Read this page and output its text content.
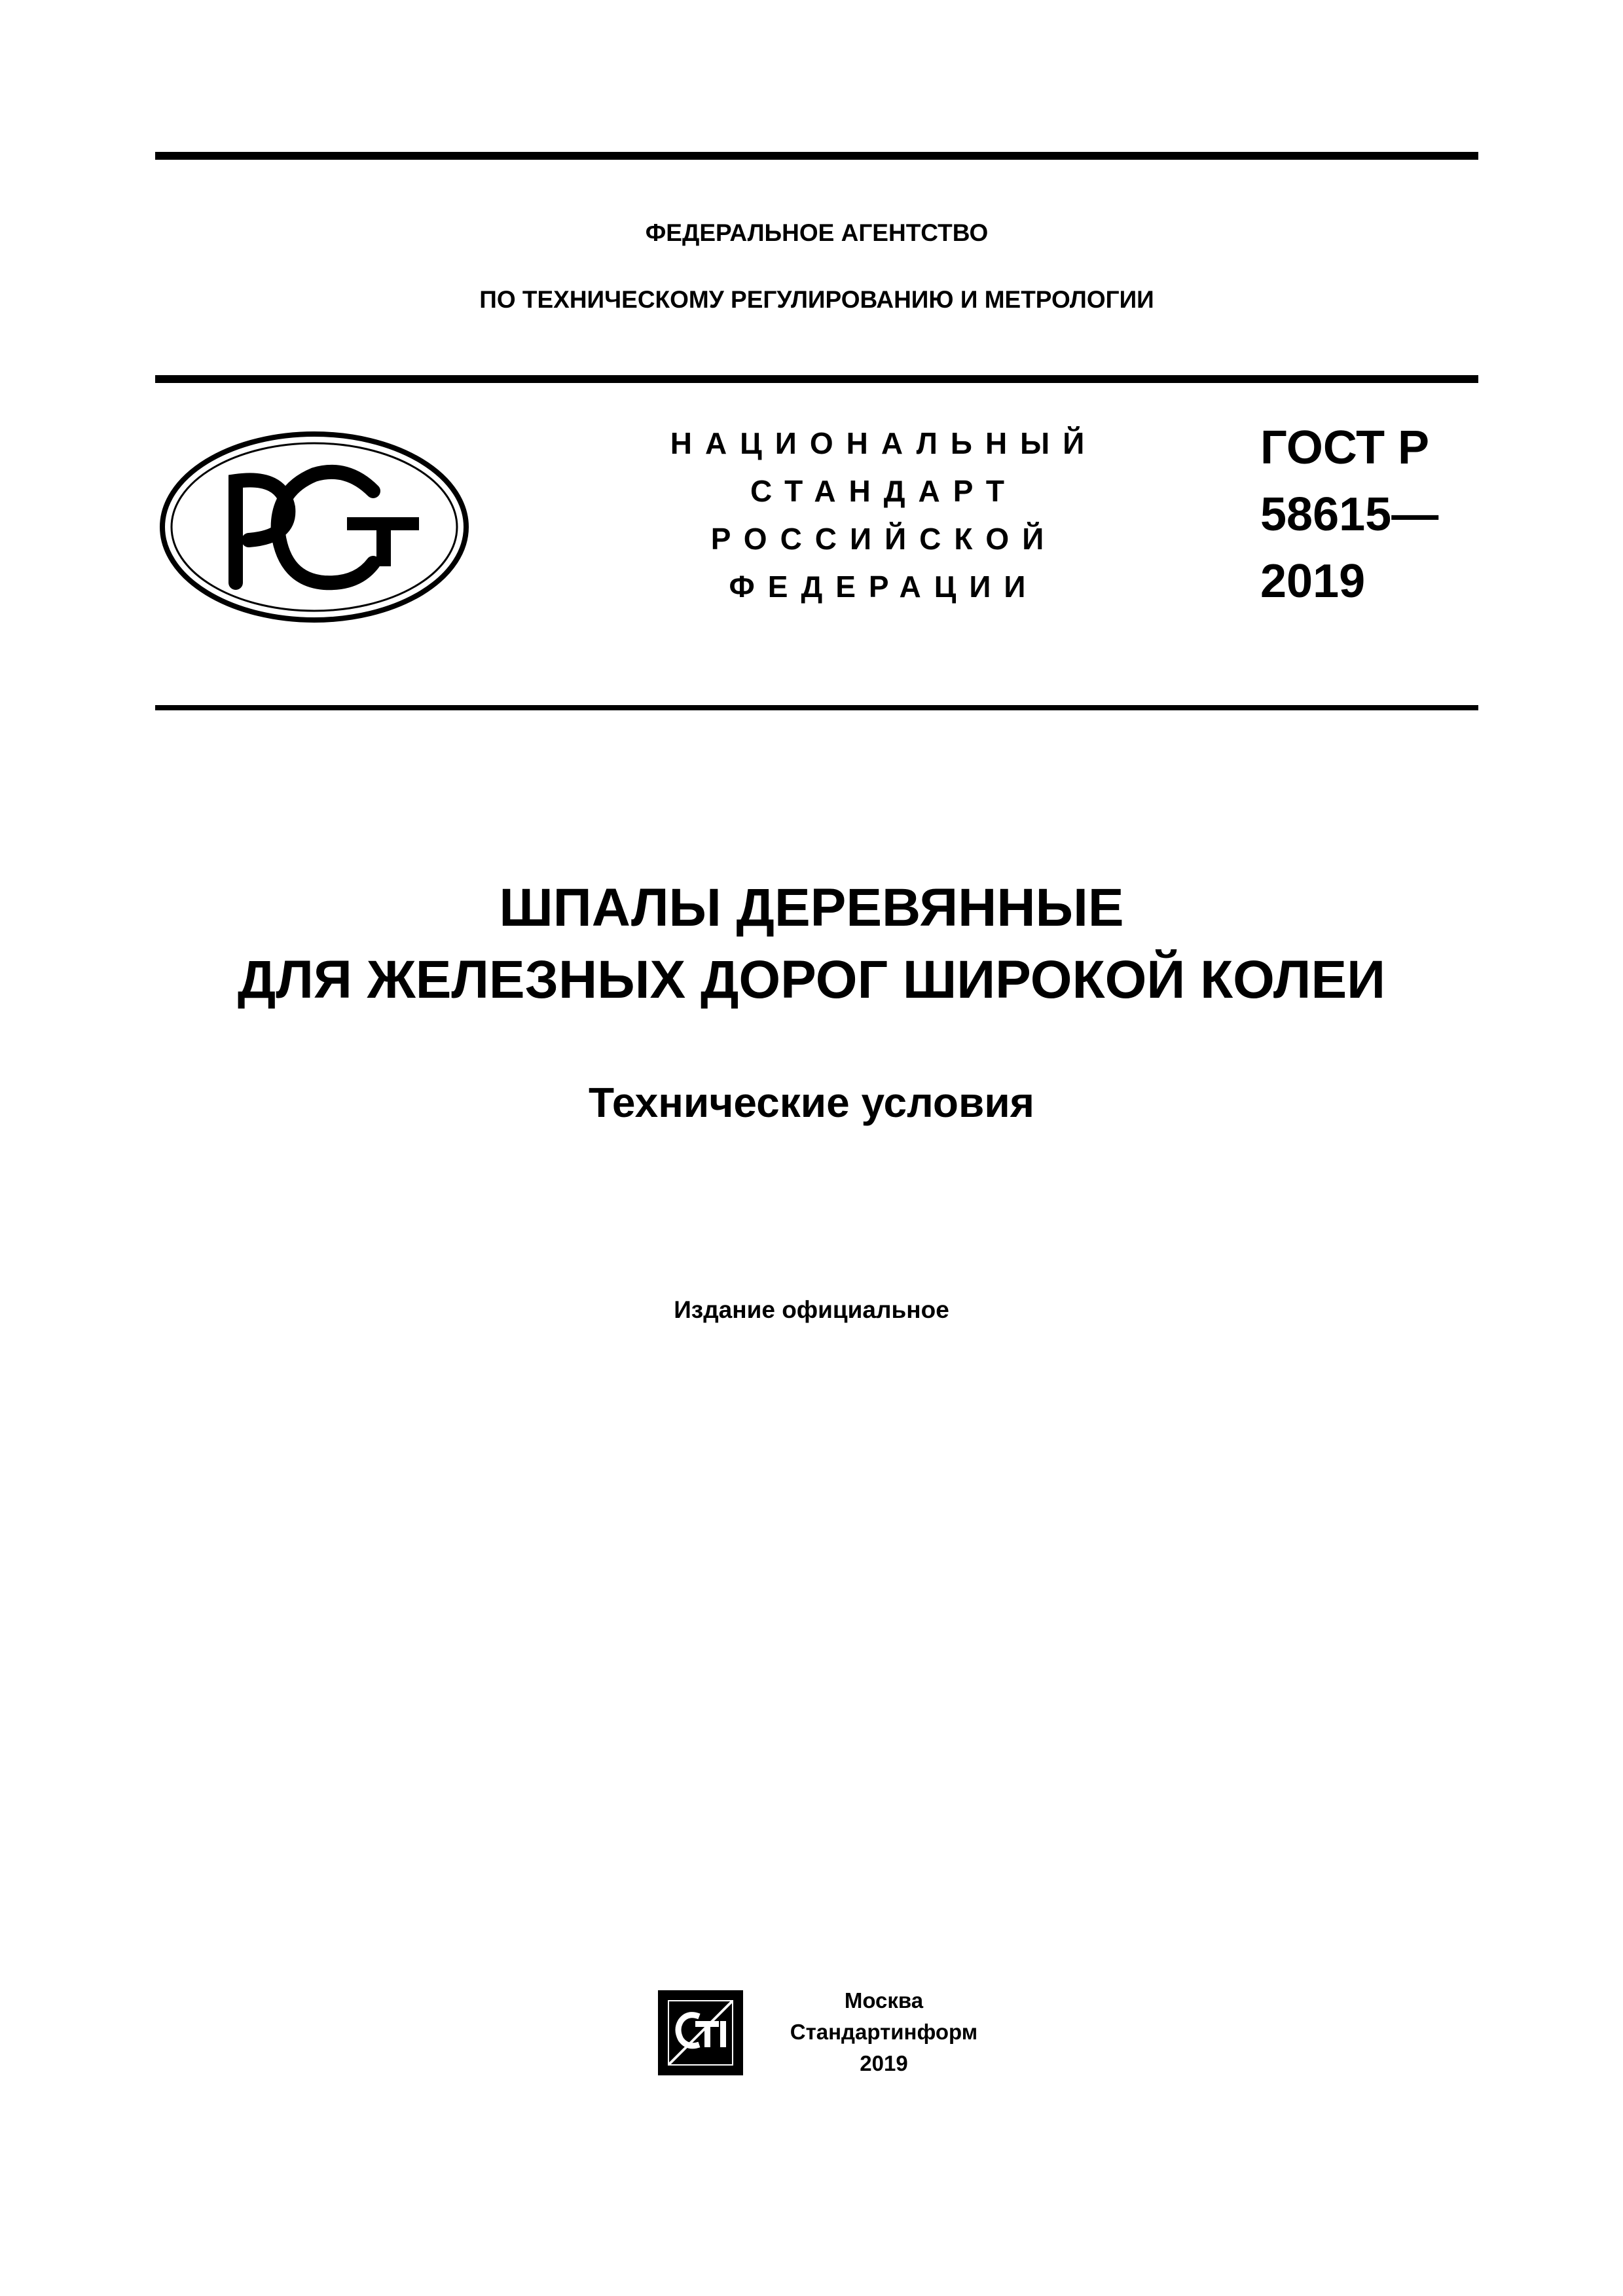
ФЕДЕРАЛЬНОЕ АГЕНТСТВО
ПО ТЕХНИЧЕСКОМУ РЕГУЛИРОВАНИЮ И МЕТРОЛОГИИ
НАЦИОНАЛЬНЫЙ
СТАНДАРТ
РОССИЙСКОЙ
ФЕДЕРАЦИИ
ГОСТ Р
58615—
2019
ШПАЛЫ ДЕРЕВЯННЫЕ
ДЛЯ ЖЕЛЕЗНЫХ ДОРОГ ШИРОКОЙ КОЛЕИ
Технические условия
Издание официальное
Москва
Стандартинформ
2019
